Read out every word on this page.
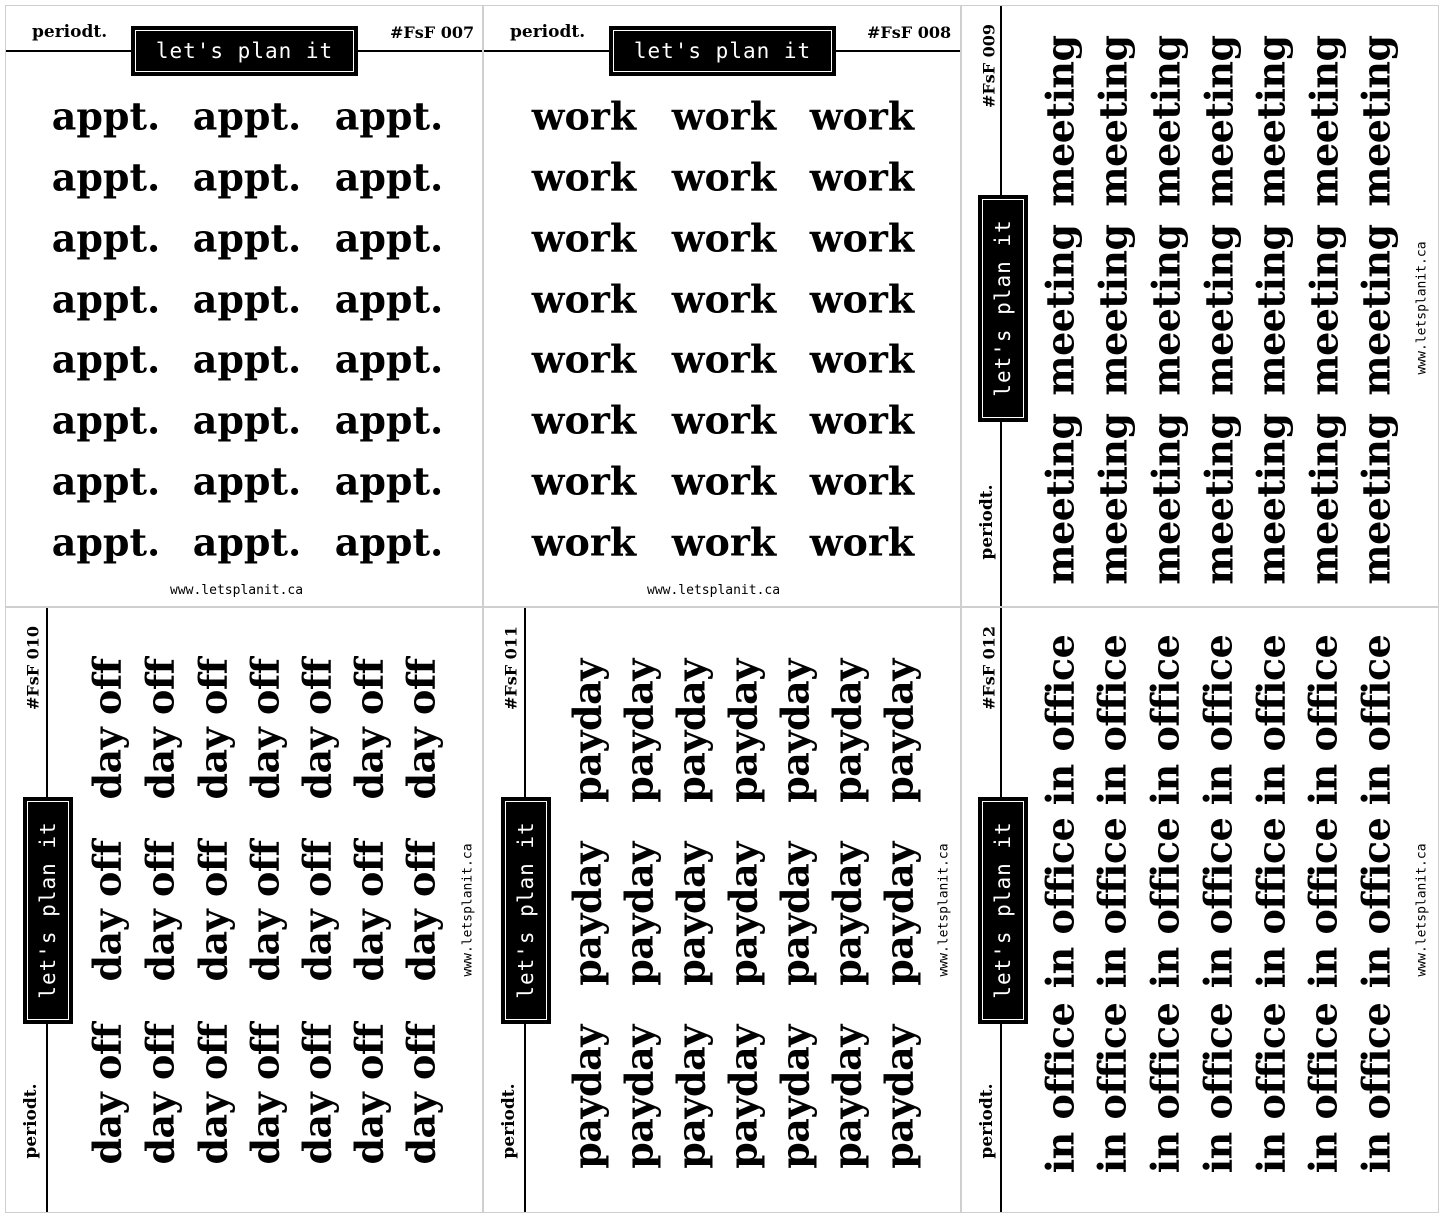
periodt.	#FsF 007
let's plan it
appt. appt. appt.
appt. appt. appt.
appt. appt. appt.
appt. appt. appt.
appt. appt. appt.
appt. appt. appt.
appt. appt. appt.
appt. appt. appt.
www.letsplanit.ca
periodt.	#FsF 008
let's plan it
work work work
work work work
work work work
work work work
work work work
work work work
work work work
work work work
www.letsplanit.ca
#FsF 009
periodt.
let's plan it
meeting meeting meeting meeting meeting meeting meeting
meeting meeting meeting meeting meeting meeting meeting
meeting meeting meeting meeting meeting meeting meeting
www.letsplanit.ca
#FsF 010
periodt.
let's plan it
day off day off day off day off day off day off day off
day off day off day off day off day off day off day off
day off day off day off day off day off day off day off
www.letsplanit.ca
#FsF 011
periodt.
let's plan it
payday payday payday payday payday payday payday
payday payday payday payday payday payday payday
payday payday payday payday payday payday payday
www.letsplanit.ca
#FsF 012
periodt.
let's plan it
in office in office in office in office in office in office in office
in office in office in office in office in office in office in office
in office in office in office in office in office in office in office
www.letsplanit.ca
